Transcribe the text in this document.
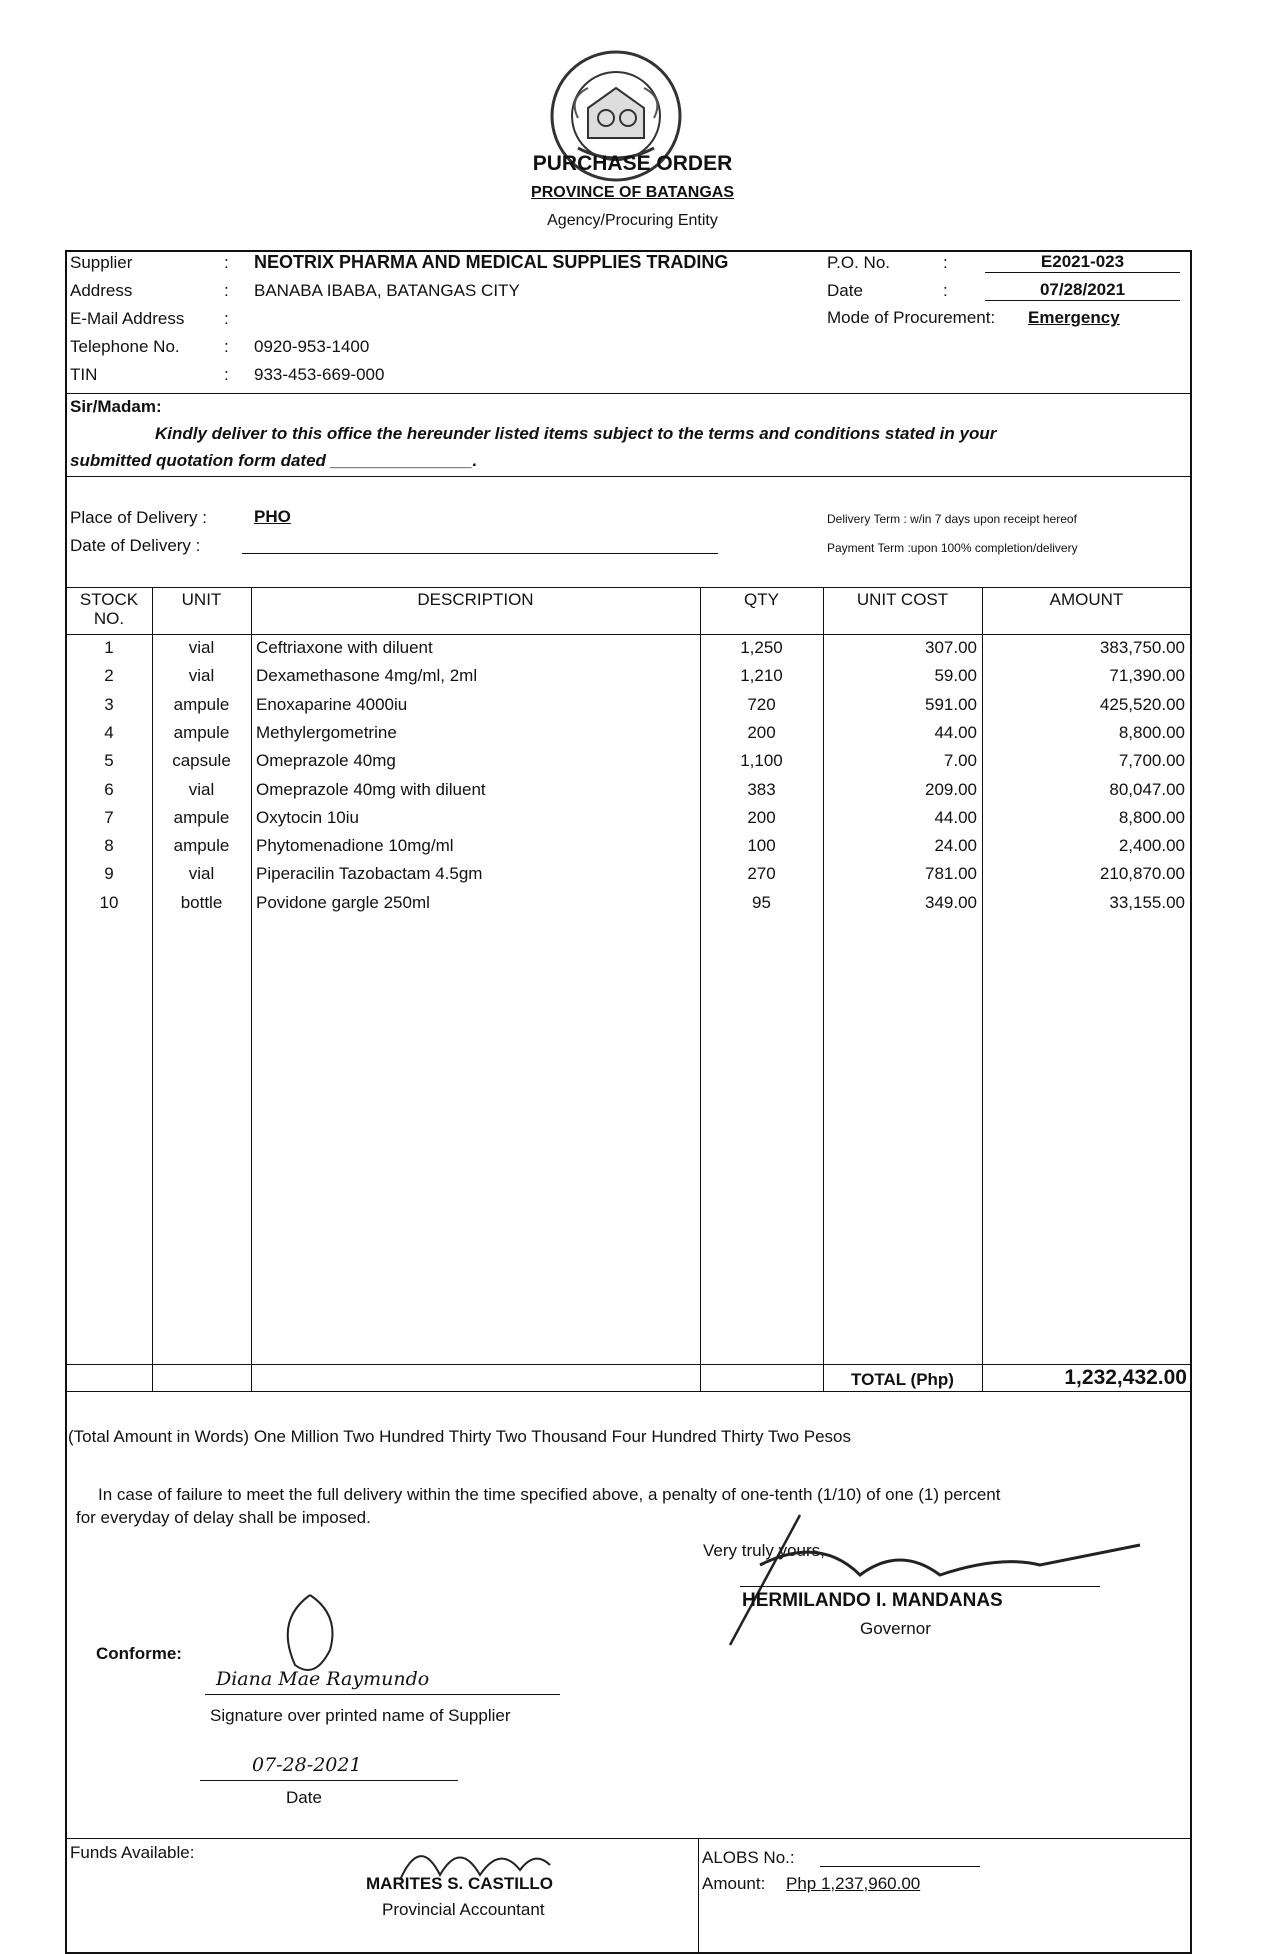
PURCHASE ORDER
PROVINCE OF BATANGAS
Agency/Procuring Entity
Supplier	: NEOTRIX PHARMA AND MEDICAL SUPPLIES TRADING
Address	: BANABA IBABA, BATANGAS CITY
E-Mail Address :
Telephone No.	: 0920-953-1400
TIN	: 933-453-669-000
P.O. No.	:	E2021-023
Date	:	07/28/2021
Mode of Procurement: Emergency
Sir/Madam:
Kindly deliver to this office the hereunder listed items subject to the terms and conditions stated in your
submitted quotation form dated _______________.
Place of Delivery :	PHO
Date of Delivery :
Delivery Term : w/in 7 days upon receipt hereof
Payment Term :upon 100% completion/delivery
STOCK
NO.
UNIT	DESCRIPTION	QTY	UNIT COST	AMOUNT
1	vial	Ceftriaxone with diluent	1,250	307.00	383,750.00
2	vial	Dexamethasone 4mg/ml, 2ml	1,210	59.00	71,390.00
3	ampule	Enoxaparine 4000iu	720	591.00	425,520.00
4	ampule	Methylergometrine	200	44.00	8,800.00
5	capsule	Omeprazole 40mg	1,100	7.00	7,700.00
6	vial	Omeprazole 40mg with diluent	383	209.00	80,047.00
7	ampule	Oxytocin 10iu	200	44.00	8,800.00
8	ampule	Phytomenadione 10mg/ml	100	24.00	2,400.00
9	vial	Piperacilin Tazobactam 4.5gm	270	781.00	210,870.00
10	bottle	Povidone gargle 250ml	95	349.00	33,155.00
TOTAL (Php)	1,232,432.00
(Total Amount in Words) One Million Two Hundred Thirty Two Thousand Four Hundred Thirty Two Pesos
In case of failure to meet the full delivery within the time specified above, a penalty of one-tenth (1/10) of one (1) percent
for everyday of delay shall be imposed.
Very truly yours,
HERMILANDO I. MANDANAS
Governor
Conforme:
Diana Mae Raymundo
Signature over printed name of Supplier
07-28-2021
Date
Funds Available:
MARITES S. CASTILLO
Provincial Accountant
ALOBS No.:
Amount: Php 1,237,960.00
